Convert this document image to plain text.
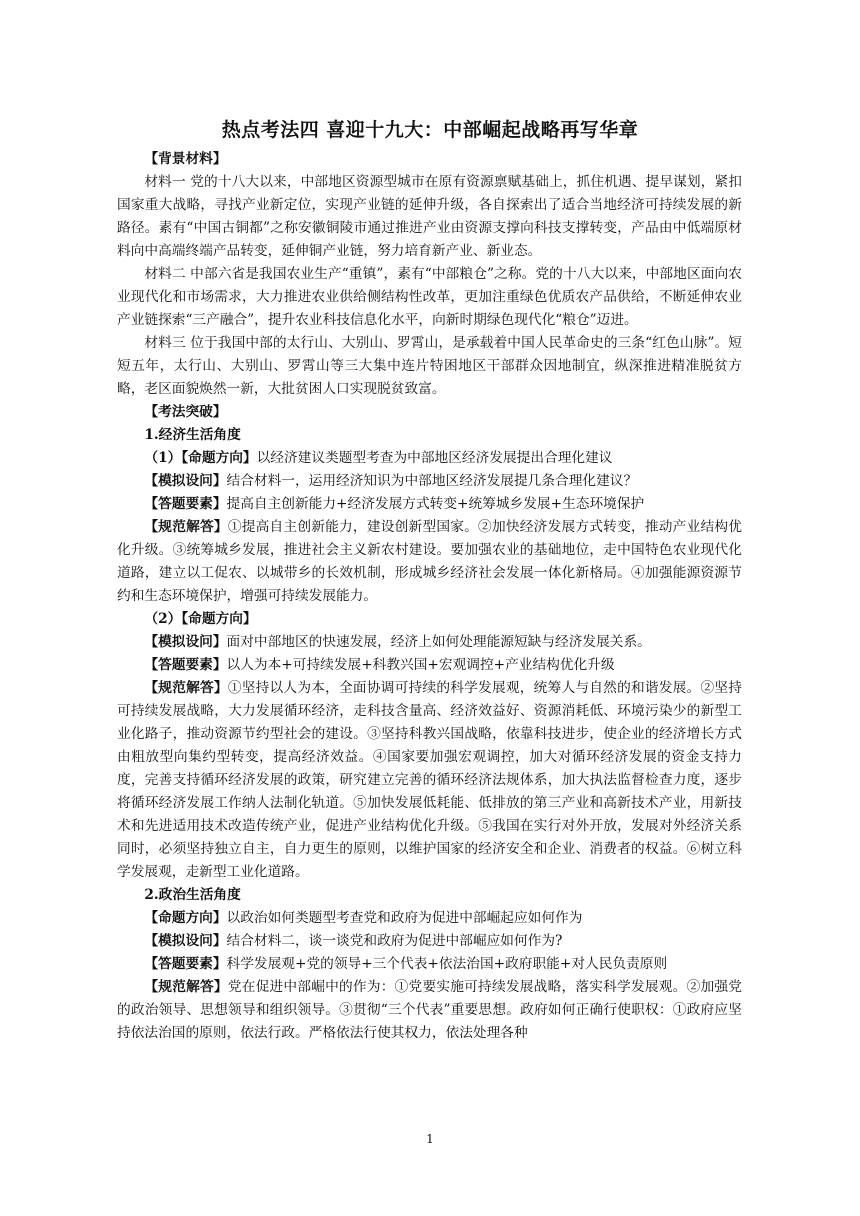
热点考法四 喜迎十九大：中部崛起战略再写华章

【背景材料】

材料一 党的十八大以来，中部地区资源型城市在原有资源禀赋基础上，抓住机遇、提早谋划，紧扣国家重大战略，寻找产业新定位，实现产业链的延伸升级，各自探索出了适合当地经济可持续发展的新路径。素有“中国古铜都”之称安徽铜陵市通过推进产业由资源支撑向科技支撑转变，产品由中低端原材料向中高端终端产品转变，延伸铜产业链，努力培育新产业、新业态。

材料二 中部六省是我国农业生产“重镇”，素有“中部粮仓”之称。党的十八大以来，中部地区面向农业现代化和市场需求，大力推进农业供给侧结构性改革，更加注重绿色优质农产品供给，不断延伸农业产业链探索“三产融合”，提升农业科技信息化水平，向新时期绿色现代化“粮仓”迈进。

材料三 位于我国中部的太行山、大别山、罗霄山，是承载着中国人民革命史的三条“红色山脉”。短短五年，太行山、大别山、罗霄山等三大集中连片特困地区干部群众因地制宜，纵深推进精准脱贫方略，老区面貌焕然一新，大批贫困人口实现脱贫致富。

【考法突破】

1.经济生活角度

（1）【命题方向】以经济建议类题型考查为中部地区经济发展提出合理化建议

【模拟设问】结合材料一，运用经济知识为中部地区经济发展提几条合理化建议？

【答题要素】提高自主创新能力+经济发展方式转变+统筹城乡发展+生态环境保护

【规范解答】①提高自主创新能力，建设创新型国家。②加快经济发展方式转变，推动产业结构优化升级。③统筹城乡发展，推进社会主义新农村建设。要加强农业的基础地位，走中国特色农业现代化道路，建立以工促农、以城带乡的长效机制，形成城乡经济社会发展一体化新格局。④加强能源资源节约和生态环境保护，增强可持续发展能力。

（2）【命题方向】

【模拟设问】面对中部地区的快速发展，经济上如何处理能源短缺与经济发展关系。

【答题要素】以人为本+可持续发展+科教兴国+宏观调控+产业结构优化升级

【规范解答】①坚持以人为本，全面协调可持续的科学发展观，统筹人与自然的和谐发展。②坚持可持续发展战略，大力发展循环经济，走科技含量高、经济效益好、资源消耗低、环境污染少的新型工业化路子，推动资源节约型社会的建设。③坚持科教兴国战略，依靠科技进步，使企业的经济增长方式由粗放型向集约型转变，提高经济效益。④国家要加强宏观调控，加大对循环经济发展的资金支持力度，完善支持循环经济发展的政策，研究建立完善的循环经济法规体系，加大执法监督检查力度，逐步将循环经济发展工作纳人法制化轨道。⑤加快发展低耗能、低排放的第三产业和高新技术产业，用新技术和先进适用技术改造传统产业，促进产业结构优化升级。⑤我国在实行对外开放，发展对外经济关系同时，必须坚持独立自主，自力更生的原则，以维护国家的经济安全和企业、消费者的权益。⑥树立科学发展观，走新型工业化道路。

2.政治生活角度

【命题方向】以政治如何类题型考查党和政府为促进中部崛起应如何作为

【模拟设问】结合材料二，谈一谈党和政府为促进中部崛应如何作为?

【答题要素】科学发展观+党的领导+三个代表+依法治国+政府职能+对人民负责原则

【规范解答】党在促进中部崛中的作为：①党要实施可持续发展战略，落实科学发展观。②加强党的政治领导、思想领导和组织领导。③贯彻“三个代表”重要思想。政府如何正确行使职权：①政府应坚持依法治国的原则，依法行政。严格依法行使其权力，依法处理各种

1
